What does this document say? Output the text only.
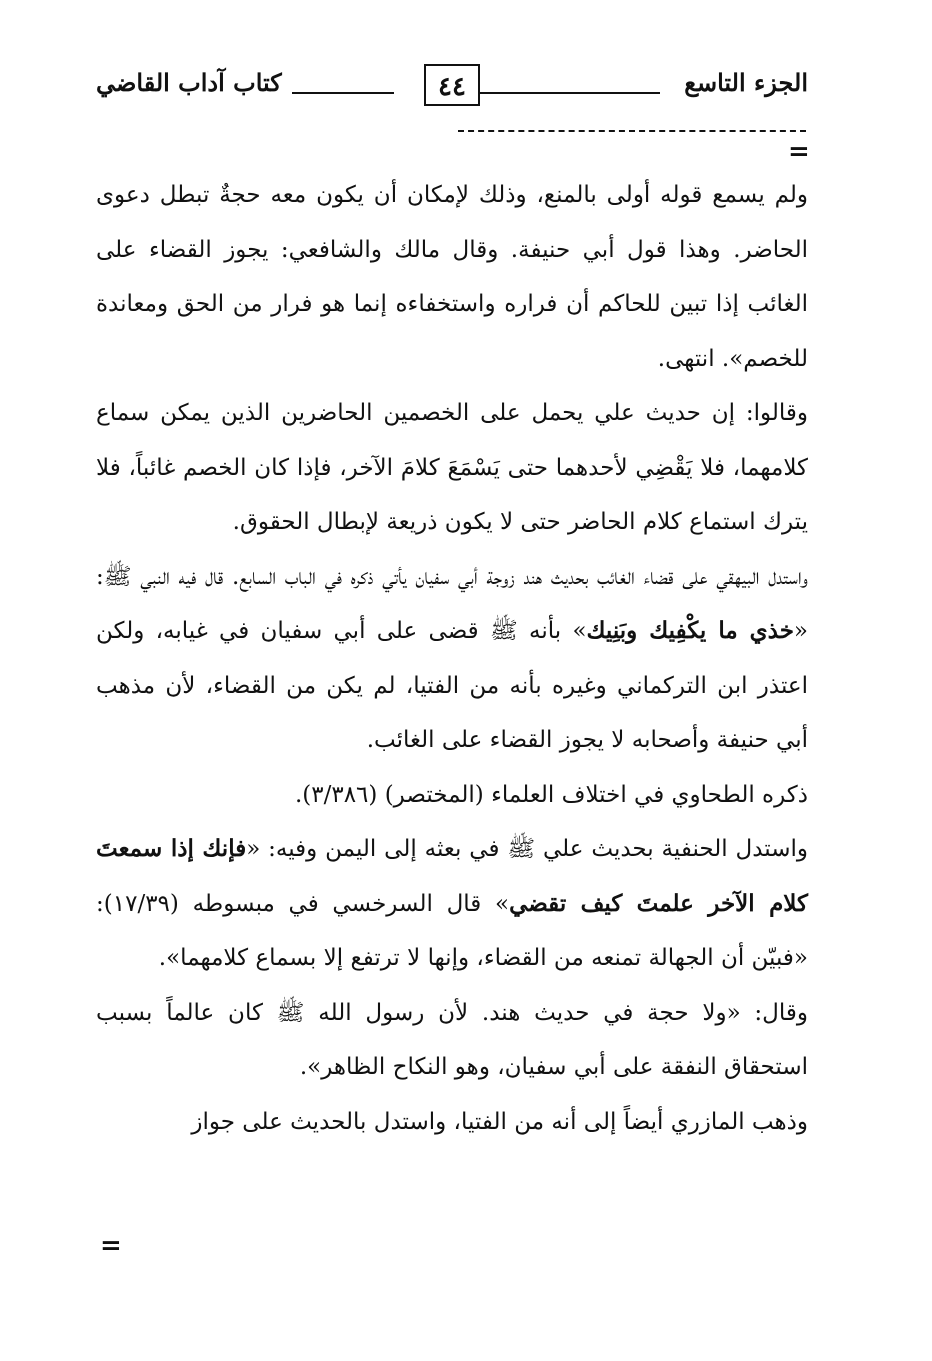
الجزء التاسع
٤٤
كتاب آداب القاضي
=

ولم يسمع قوله أولى بالمنع، وذلك لإمكان أن يكون معه حجةٌ تبطل دعوى الحاضر. وهذا قول أبي حنيفة. وقال مالك والشافعي: يجوز القضاء على الغائب إذا تبين للحاكم أن فراره واستخفاءه إنما هو فرار من الحق ومعاندة للخصم». انتهى.

وقالوا: إن حديث علي يحمل على الخصمين الحاضرين الذين يمكن سماع كلامهما، فلا يَقْضِي لأحدهما حتى يَسْمَعَ كلامَ الآخر، فإذا كان الخصم غائباً، فلا يترك استماع كلام الحاضر حتى لا يكون ذريعة لإبطال الحقوق.

واستدل البيهقي على قضاء الغائب بحديث هند زوجة أبي سفيان يأتي ذكره في الباب السابع. قال فيه النبي ﷺ: «خذي ما يكْفِيك وبَنِيك» بأنه ﷺ قضى على أبي سفيان في غيابه، ولكن اعتذر ابن التركماني وغيره بأنه من الفتيا، لم يكن من القضاء، لأن مذهب أبي حنيفة وأصحابه لا يجوز القضاء على الغائب.

ذكره الطحاوي في اختلاف العلماء (المختصر) (٣/٣٨٦).

واستدل الحنفية بحديث علي ﷺ في بعثه إلى اليمن وفيه: «فإنك إذا سمعتَ كلام الآخر علمتَ كيف تقضي» قال السرخسي في مبسوطه (١٧/٣٩): «فبيّن أن الجهالة تمنعه من القضاء، وإنها لا ترتفع إلا بسماع كلامهما».

وقال: «ولا حجة في حديث هند. لأن رسول الله ﷺ كان عالماً بسبب استحقاق النفقة على أبي سفيان، وهو النكاح الظاهر».

وذهب المازري أيضاً إلى أنه من الفتيا، واستدل بالحديث على جواز

=
